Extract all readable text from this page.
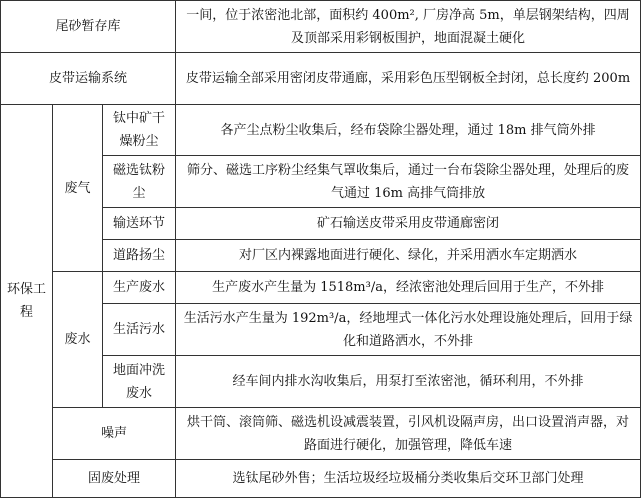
尾砂暂存库			一间，位于浓密池北部，面积约 400m², 厂房净高 5m，单层钢架结构，四周及顶部采用彩钢板围护，地面混凝土硬化
皮带运输系统			皮带运输全部采用密闭皮带通廊，采用彩色压型钢板全封闭，总长度约 200m
环保工程	废气	钛中矿干燥粉尘	各产尘点粉尘收集后，经布袋除尘器处理，通过 18m 排气筒外排
		磁选钛粉尘	筛分、磁选工序粉尘经集气罩收集后，通过一台布袋除尘器处理，处理后的废气通过 16m 高排气筒排放
		输送环节	矿石输送皮带采用皮带通廊密闭
		道路扬尘	对厂区内裸露地面进行硬化、绿化，并采用洒水车定期洒水
	废水	生产废水	生产废水产生量为 1518m³/a，经浓密池处理后回用于生产，不外排
		生活污水	生活污水产生量为 192m³/a，经地埋式一体化污水处理设施处理后，回用于绿化和道路洒水，不外排
		地面冲洗废水	经车间内排水沟收集后，用泵打至浓密池，循环利用，不外排
	噪声		烘干筒、滚筒筛、磁选机设减震装置，引风机设隔声房，出口设置消声器，对路面进行硬化，加强管理，降低车速
	固废处理		选钛尾砂外售；生活垃圾经垃圾桶分类收集后交环卫部门处理
